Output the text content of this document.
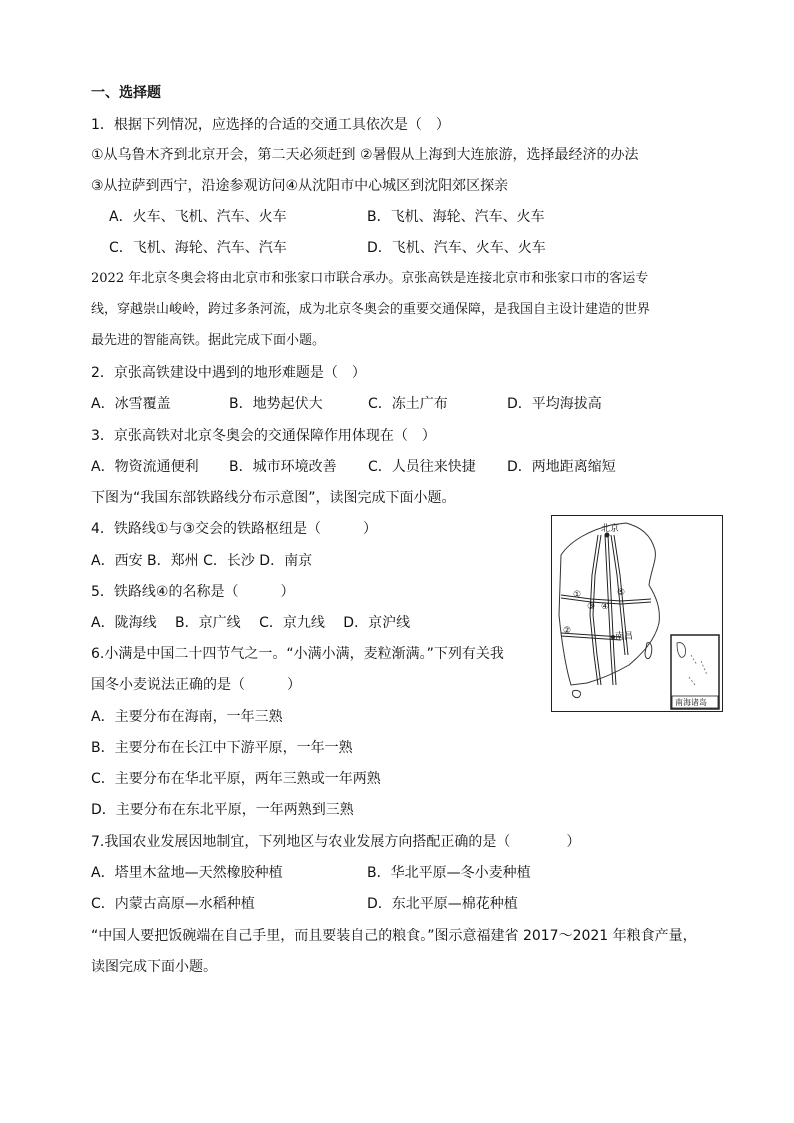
一、选择题
1．根据下列情况，应选择的合适的交通工具依次是（　）
①从乌鲁木齐到北京开会，第二天必须赶到 ②暑假从上海到大连旅游，选择最经济的办法
③从拉萨到西宁，沿途参观访问④从沈阳市中心城区到沈阳郊区探亲
A．火车、飞机、汽车、火车	B．飞机、海轮、汽车、火车
C．飞机、海轮、汽车、汽车	D．飞机、汽车、火车、火车
2022 年北京冬奥会将由北京市和张家口市联合承办。京张高铁是连接北京市和张家口市的客运专
线，穿越崇山峻岭，跨过多条河流，成为北京冬奥会的重要交通保障，是我国自主设计建造的世界
最先进的智能高铁。据此完成下面小题。
2．京张高铁建设中遇到的地形难题是（　）
A．冰雪覆盖	B．地势起伏大	C．冻土广布	D．平均海拔高
3．京张高铁对北京冬奥会的交通保障作用体现在（　）
A．物资流通便利 B．城市环境改善 C．人员往来快捷 D．两地距离缩短
下图为“我国东部铁路线分布示意图”，读图完成下面小题。
4．铁路线①与③交会的铁路枢纽是（　　　）
A．西安 B．郑州 C．长沙 D．南京
5．铁路线④的名称是（　　　）
A．陇海线　 B．京广线　 C．京九线　 D．京沪线
6.小满是中国二十四节气之一。“小满小满，麦粒渐满。”下列有关我
国冬小麦说法正确的是（　　　）
A．主要分布在海南，一年三熟
B．主要分布在长江中下游平原，一年一熟
C．主要分布在华北平原，两年三熟或一年两熟
D．主要分布在东北平原，一年两熟到三熟
7.我国农业发展因地制宜，下列地区与农业发展方向搭配正确的是（　　　　）
A．塔里木盆地—天然橡胶种植	B．华北平原—冬小麦种植
C．内蒙古高原—水稻种植	D．东北平原—棉花种植
“中国人要把饭碗端在自己手里，而且要装自己的粮食。”图示意福建省 2017～2021 年粮食产量，
读图完成下面小题。
北京
南昌
①
②
③ ④
⑤
南海诸岛
